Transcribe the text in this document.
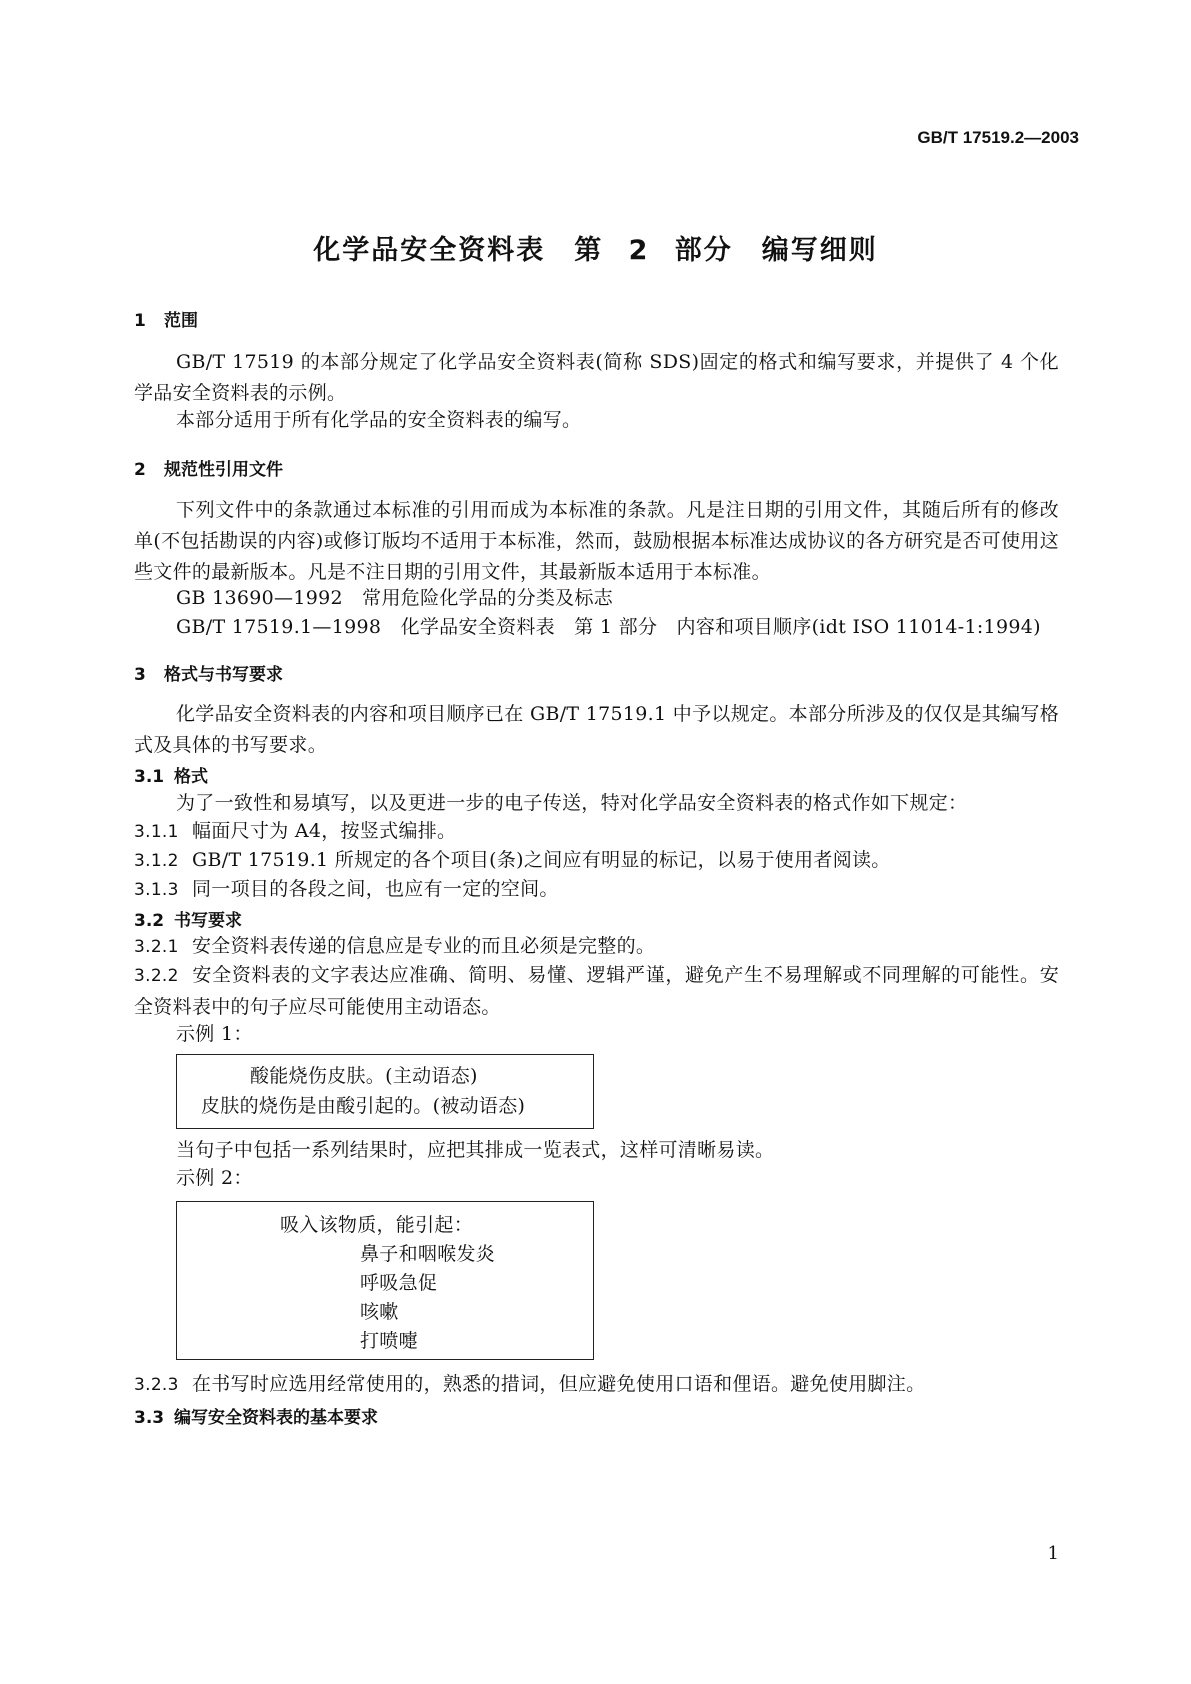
GB/T 17519.2—2003
化学品安全资料表　第 2 部分　编写细则
1 范围
GB/T 17519 的本部分规定了化学品安全资料表(简称 SDS)固定的格式和编写要求，并提供了 4 个化学品安全资料表的示例。
本部分适用于所有化学品的安全资料表的编写。
2 规范性引用文件
下列文件中的条款通过本标准的引用而成为本标准的条款。凡是注日期的引用文件，其随后所有的修改单(不包括勘误的内容)或修订版均不适用于本标准，然而，鼓励根据本标准达成协议的各方研究是否可使用这些文件的最新版本。凡是不注日期的引用文件，其最新版本适用于本标准。
GB 13690—1992　常用危险化学品的分类及标志
GB/T 17519.1—1998　化学品安全资料表　第 1 部分　内容和项目顺序(idt ISO 11014-1:1994)
3 格式与书写要求
化学品安全资料表的内容和项目顺序已在 GB/T 17519.1 中予以规定。本部分所涉及的仅仅是其编写格式及具体的书写要求。
3.1 格式
为了一致性和易填写，以及更进一步的电子传送，特对化学品安全资料表的格式作如下规定：
3.1.1 幅面尺寸为 A4，按竖式编排。
3.1.2 GB/T 17519.1 所规定的各个项目(条)之间应有明显的标记，以易于使用者阅读。
3.1.3 同一项目的各段之间，也应有一定的空间。
3.2 书写要求
3.2.1 安全资料表传递的信息应是专业的而且必须是完整的。
3.2.2 安全资料表的文字表达应准确、简明、易懂、逻辑严谨，避免产生不易理解或不同理解的可能性。安全资料表中的句子应尽可能使用主动语态。
示例 1：
酸能烧伤皮肤。(主动语态)
皮肤的烧伤是由酸引起的。(被动语态)
当句子中包括一系列结果时，应把其排成一览表式，这样可清晰易读。
示例 2：
吸入该物质，能引起：
鼻子和咽喉发炎
呼吸急促
咳嗽
打喷嚏
3.2.3 在书写时应选用经常使用的，熟悉的措词，但应避免使用口语和俚语。避免使用脚注。
3.3 编写安全资料表的基本要求
1
